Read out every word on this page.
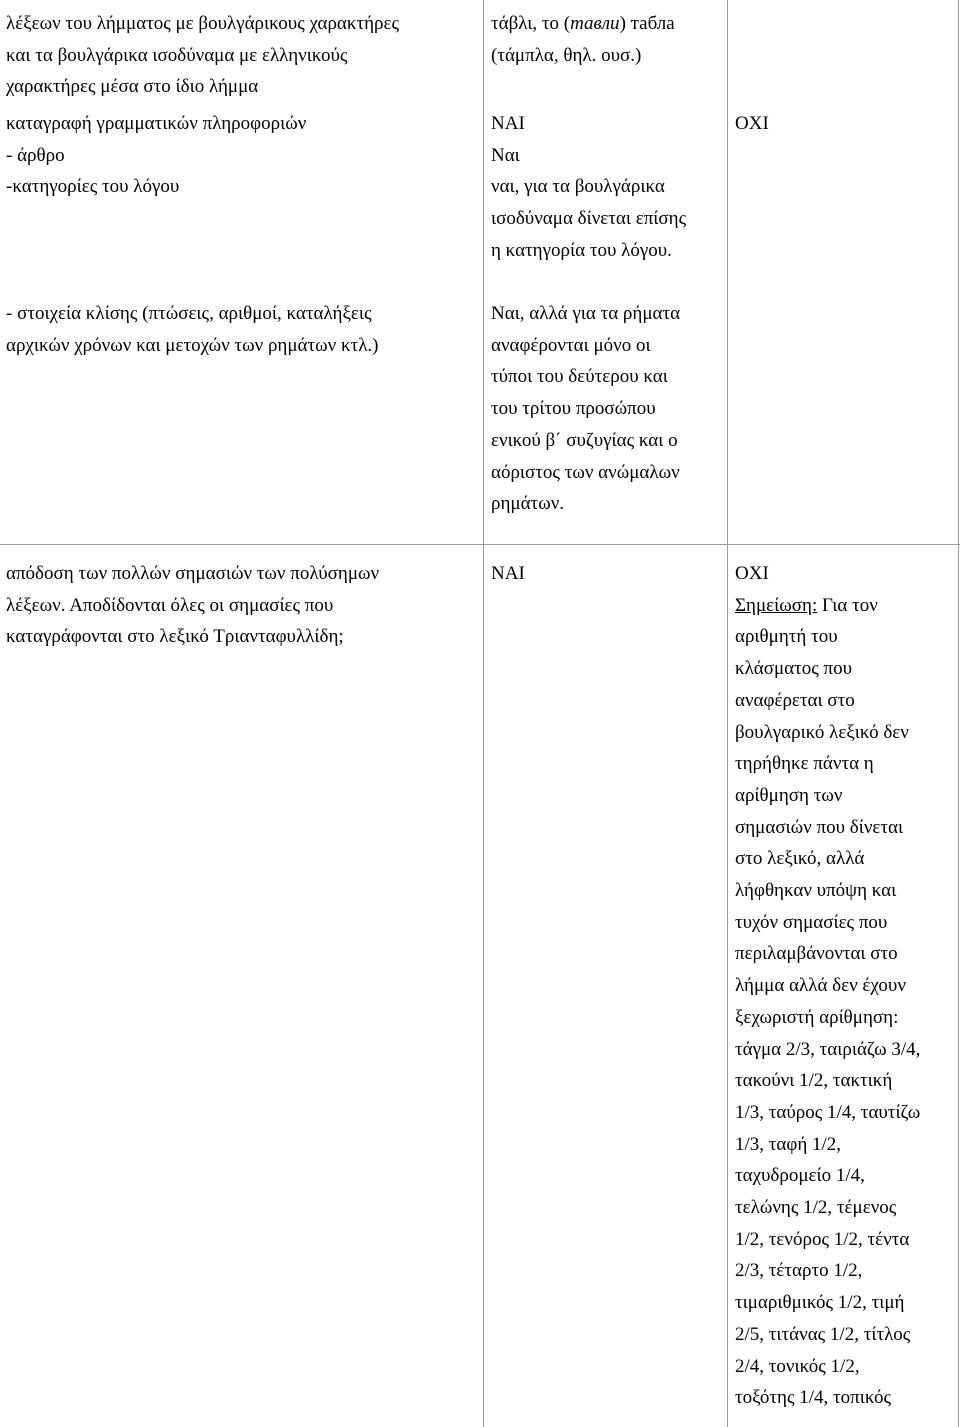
λέξεων του λήμματος με βουλγάρικους χαρακτήρες
και τα βουλγάρικα ισοδύναμα με ελληνικούς
χαρακτήρες μέσα στο ίδιο λήμμα
τάβλι, το (тавли) табла
(τάμπλα, θηλ. ουσ.)
καταγραφή γραμματικών πληροφοριών
- άρθρο
-κατηγορίες του λόγου
ΝΑΙ
Ναι
ναι, για τα βουλγάρικα
ισοδύναμα δίνεται επίσης
η κατηγορία του λόγου.
ΟΧΙ
- στοιχεία κλίσης (πτώσεις, αριθμοί, καταλήξεις
αρχικών χρόνων και μετοχών των ρημάτων κτλ.)
Ναι, αλλά για τα ρήματα
αναφέρονται μόνο οι
τύποι του δεύτερου και
του τρίτου προσώπου
ενικού β΄ συζυγίας και ο
αόριστος των ανώμαλων
ρημάτων.
απόδοση των πολλών σημασιών των πολύσημων
λέξεων. Αποδίδονται όλες οι σημασίες που
καταγράφονται στο λεξικό Τριανταφυλλίδη;
ΝΑΙ	ΟΧΙ
Σημείωση: Για τον
αριθμητή του
κλάσματος που
αναφέρεται στο
βουλγαρικό λεξικό δεν
τηρήθηκε πάντα η
αρίθμηση των
σημασιών που δίνεται
στο λεξικό, αλλά
λήφθηκαν υπόψη και
τυχόν σημασίες που
περιλαμβάνονται στο
λήμμα αλλά δεν έχουν
ξεχωριστή αρίθμηση:
τάγμα 2/3, ταιριάζω 3/4,
τακούνι 1/2, τακτική
1/3, ταύρος 1/4, ταυτίζω
1/3, ταφή 1/2,
ταχυδρομείο 1/4,
τελώνης 1/2, τέμενος
1/2, τενόρος 1/2, τέντα
2/3, τέταρτο 1/2,
τιμαριθμικός 1/2, τιμή
2/5, τιτάνας 1/2, τίτλος
2/4, τονικός 1/2,
τοξότης 1/4, τοπικός
